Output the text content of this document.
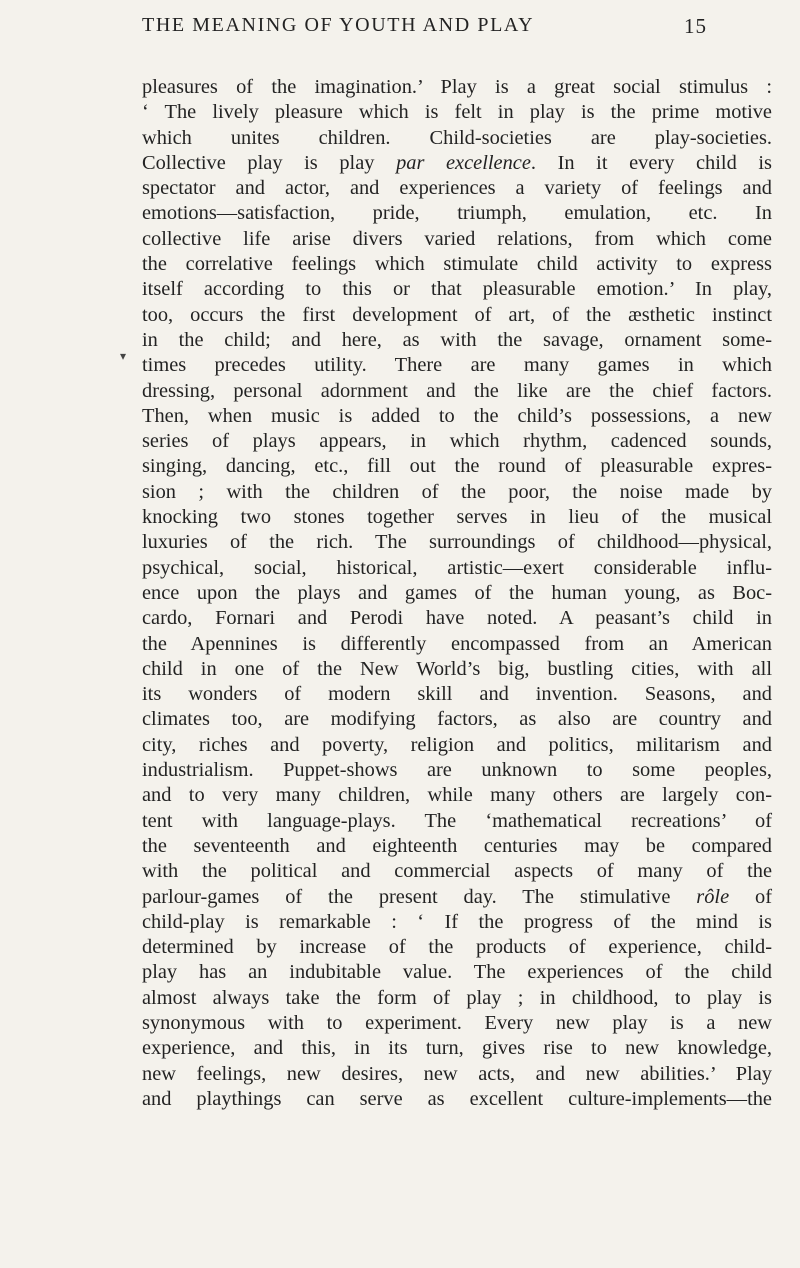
THE MEANING OF YOUTH AND PLAY	15
▾
pleasures of the imagination.’ Play is a great social stimulus :
‘ The lively pleasure which is felt in play is the prime motive
which unites children. Child-societies are play-societies.
Collective play is play par excellence. In it every child is
spectator and actor, and experiences a variety of feelings and
emotions—satisfaction, pride, triumph, emulation, etc. In
collective life arise divers varied relations, from which come
the correlative feelings which stimulate child activity to express
itself according to this or that pleasurable emotion.’ In play,
too, occurs the first development of art, of the æsthetic instinct
in the child; and here, as with the savage, ornament some-
times precedes utility. There are many games in which
dressing, personal adornment and the like are the chief factors.
Then, when music is added to the child’s possessions, a new
series of plays appears, in which rhythm, cadenced sounds,
singing, dancing, etc., fill out the round of pleasurable expres-
sion ; with the children of the poor, the noise made by
knocking two stones together serves in lieu of the musical
luxuries of the rich. The surroundings of childhood—physical,
psychical, social, historical, artistic—exert considerable influ-
ence upon the plays and games of the human young, as Boc-
cardo, Fornari and Perodi have noted. A peasant’s child in
the Apennines is differently encompassed from an American
child in one of the New World’s big, bustling cities, with all
its wonders of modern skill and invention. Seasons, and
climates too, are modifying factors, as also are country and
city, riches and poverty, religion and politics, militarism and
industrialism. Puppet-shows are unknown to some peoples,
and to very many children, while many others are largely con-
tent with language-plays. The ‘mathematical recreations’ of
the seventeenth and eighteenth centuries may be compared
with the political and commercial aspects of many of the
parlour-games of the present day. The stimulative rôle of
child-play is remarkable : ‘ If the progress of the mind is
determined by increase of the products of experience, child-
play has an indubitable value. The experiences of the child
almost always take the form of play ; in childhood, to play is
synonymous with to experiment. Every new play is a new
experience, and this, in its turn, gives rise to new knowledge,
new feelings, new desires, new acts, and new abilities.’ Play
and playthings can serve as excellent culture-implements—the
